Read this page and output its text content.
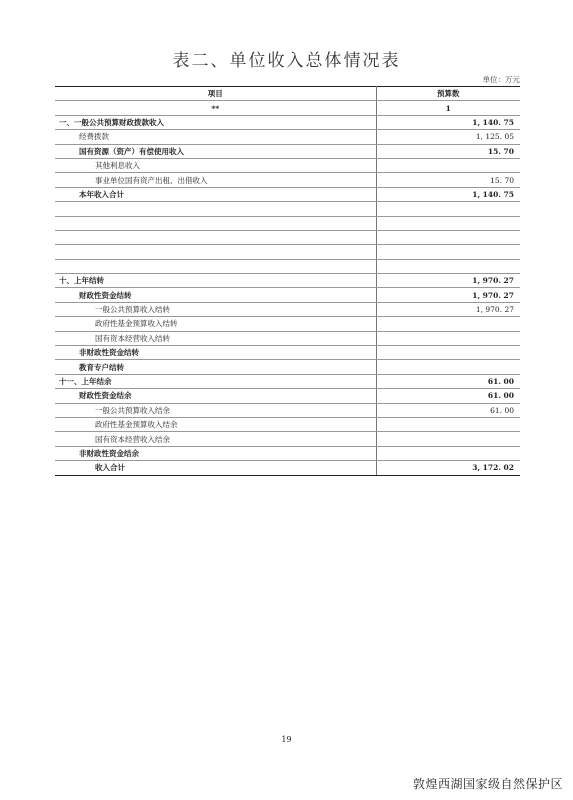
表二、单位收入总体情况表
单位：万元
项目	预算数
**	1
一、一般公共预算财政拨款收入	1, 140. 75
经费拨款	1, 125. 05
国有资源（资产）有偿使用收入	15. 70
其他利息收入	
事业单位国有资产出租、出借收入	15. 70
本年收入合计	1, 140. 75

十、上年结转	1, 970. 27
财政性资金结转	1, 970. 27
一般公共预算收入结转	1, 970. 27
政府性基金预算收入结转	
国有资本经营收入结转	
非财政性资金结转	
教育专户结转	
十一、上年结余	61. 00
财政性资金结余	61. 00
一般公共预算收入结余	61. 00
政府性基金预算收入结余	
国有资本经营收入结余	
非财政性资金结余	
收入合计	3, 172. 02
19
敦煌西湖国家级自然保护区
